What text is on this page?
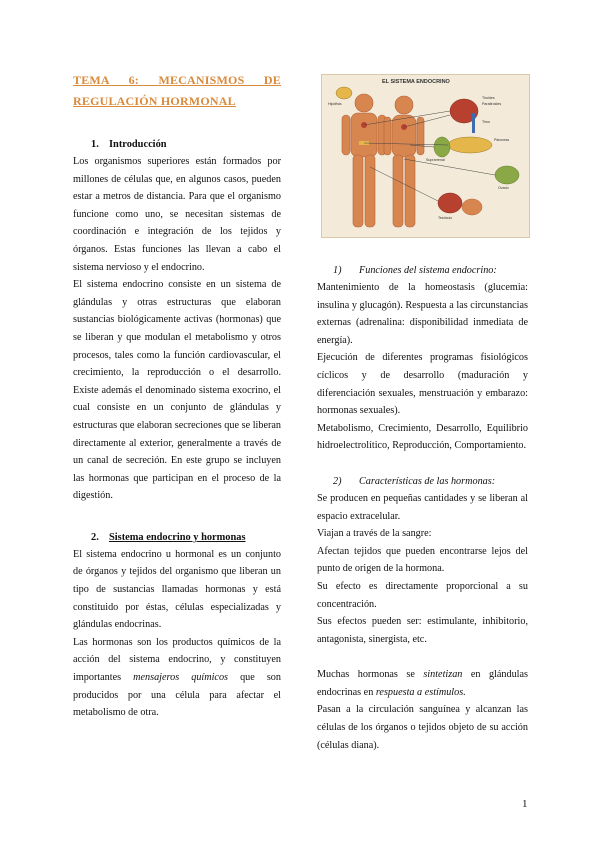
TEMA 6: MECANISMOS DE REGULACIÓN HORMONAL

1. Introducción

Los organismos superiores están formados por millones de células que, en algunos casos, pueden estar a metros de distancia. Para que el organismo funcione como uno, se necesitan sistemas de coordinación e integración de los tejidos y órganos. Estas funciones las llevan a cabo el sistema nervioso y el endocrino.

El sistema endocrino consiste en un sistema de glándulas y otras estructuras que elaboran sustancias biológicamente activas (hormonas) que se liberan y que modulan el metabolismo y otros procesos, tales como la función cardiovascular, el crecimiento, la reproducción o el desarrollo. Existe además el denominado sistema exocrino, el cual consiste en un conjunto de glándulas y estructuras que elaboran secreciones que se liberan directamente al exterior, generalmente a través de un canal de secreción. En este grupo se incluyen las hormonas que participan en el proceso de la digestión.

2. Sistema endocrino y hormonas

El sistema endocrino u hormonal es un conjunto de órganos y tejidos del organismo que liberan un tipo de sustancias llamadas hormonas y está constituido por éstas, células especializadas y glándulas endocrinas.

Las hormonas son los productos químicos de la acción del sistema endocrino, y constituyen importantes mensajeros químicos que son producidos por una célula para afectar el metabolismo de otra.

EL SISTEMA ENDOCRINO
Hipófisis
Tiroides
Paratiroides
Timo
Suprarrenal
Páncreas
Ovario
Testículo

1) Funciones del sistema endocrino:

Mantenimiento de la homeostasis (glucemia: insulina y glucagón). Respuesta a las circunstancias externas (adrenalina: disponibilidad inmediata de energía).

Ejecución de diferentes programas fisiológicos cíclicos y de desarrollo (maduración y diferenciación sexuales, menstruación y embarazo: hormonas sexuales).

Metabolismo, Crecimiento, Desarrollo, Equilibrio hidroelectrolítico, Reproducción, Comportamiento.

2) Características de las hormonas:

Se producen en pequeñas cantidades y se liberan al espacio extracelular.

Viajan a través de la sangre:

Afectan tejidos que pueden encontrarse lejos del punto de origen de la hormona.

Su efecto es directamente proporcional a su concentración.

Sus efectos pueden ser: estimulante, inhibitorio, antagonista, sinergista, etc.

Muchas hormonas se sintetizan en glándulas endocrinas en respuesta a estímulos.

Pasan a la circulación sanguínea y alcanzan las células de los órganos o tejidos objeto de su acción (células diana).

1
